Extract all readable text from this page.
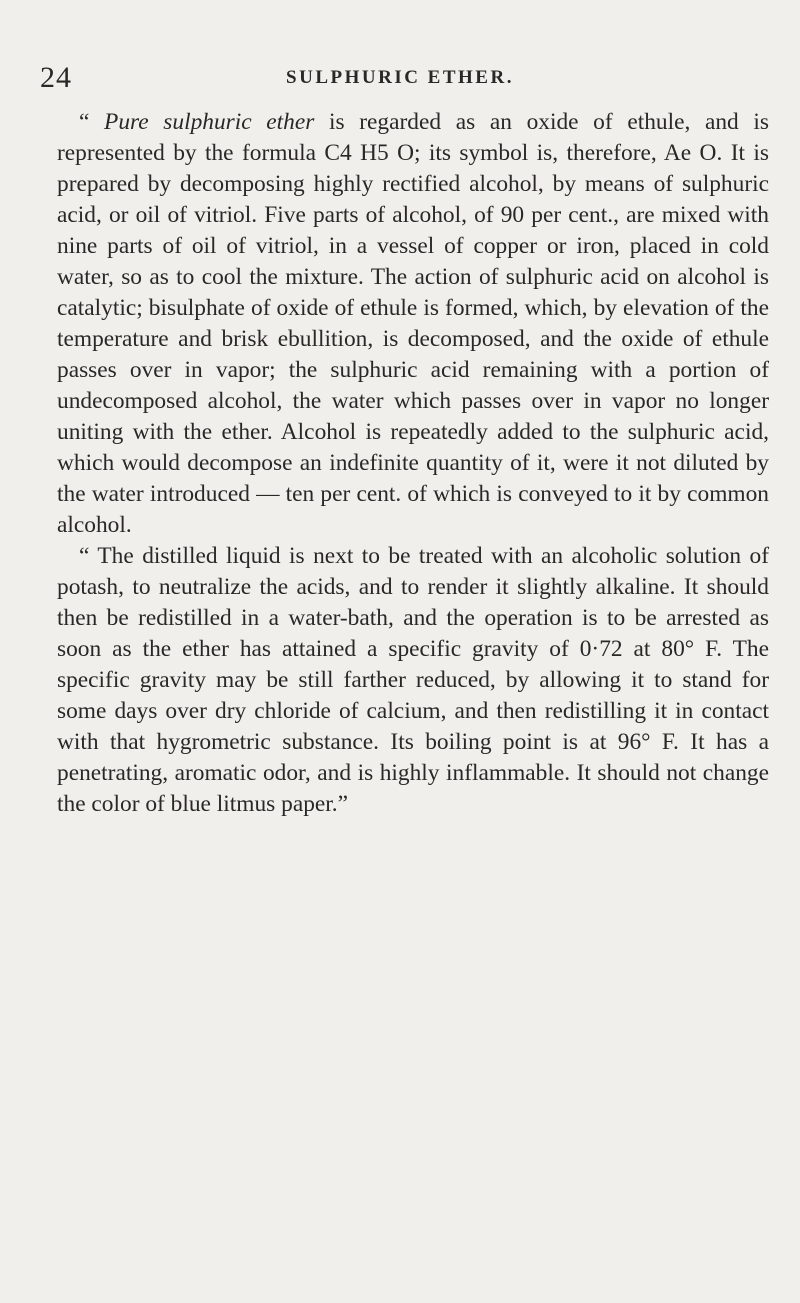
24	SULPHURIC ETHER.

“ Pure sulphuric ether is regarded as an oxide of ethule, and is represented by the formula C4 H5 O; its symbol is, therefore, Ae O. It is prepared by decomposing highly rectified alcohol, by means of sulphuric acid, or oil of vitriol. Five parts of alcohol, of 90 per cent., are mixed with nine parts of oil of vitriol, in a vessel of copper or iron, placed in cold water, so as to cool the mixture. The action of sulphuric acid on alcohol is catalytic; bisulphate of oxide of ethule is formed, which, by elevation of the temperature and brisk ebullition, is decomposed, and the oxide of ethule passes over in vapor; the sulphuric acid remaining with a portion of undecomposed alcohol, the water which passes over in vapor no longer uniting with the ether. Alcohol is repeatedly added to the sulphuric acid, which would decompose an indefinite quantity of it, were it not diluted by the water introduced — ten per cent. of which is conveyed to it by common alcohol.

“ The distilled liquid is next to be treated with an alcoholic solution of potash, to neutralize the acids, and to render it slightly alkaline. It should then be redistilled in a water-bath, and the operation is to be arrested as soon as the ether has attained a specific gravity of 0·72 at 80° F. The specific gravity may be still farther reduced, by allowing it to stand for some days over dry chloride of calcium, and then redistilling it in contact with that hygrometric substance. Its boiling point is at 96° F. It has a penetrating, aromatic odor, and is highly inflammable. It should not change the color of blue litmus paper.”
